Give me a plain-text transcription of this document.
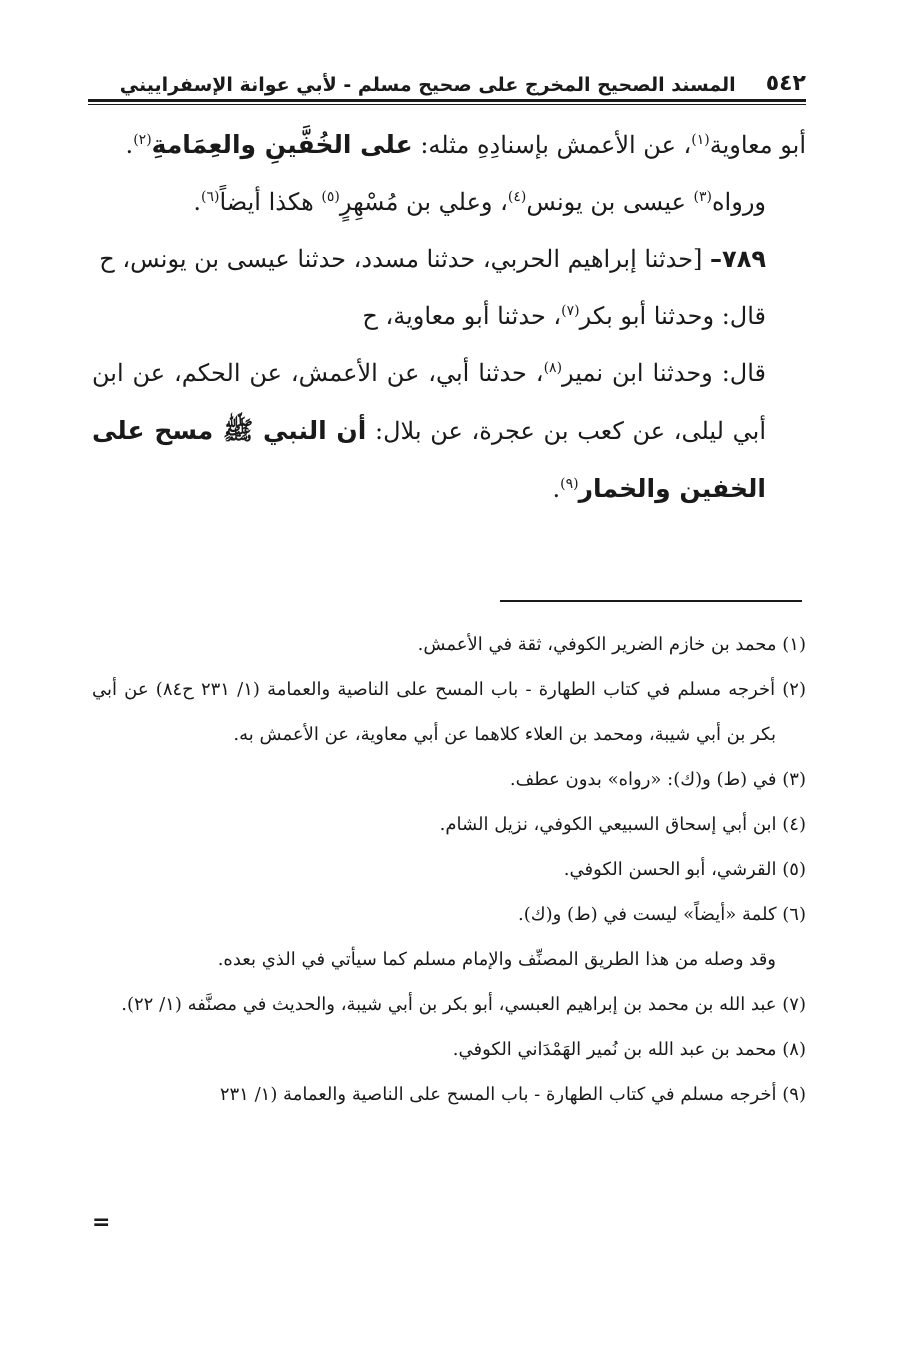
٥٤٢
المسند الصحيح المخرج على صحيح مسلم - لأبي عوانة الإسفراييني

أبو معاوية$^{(١)}$، عن الأعمش بإسنادِهِ مثله: على الخُفَّينِ والعِمَامةِ$^{(٢)}$.

ورواه$^{(٣)}$ عيسى بن يونس$^{(٤)}$، وعلي بن مُسْهِرٍ$^{(٥)}$ هكذا أيضاً$^{(٦)}$.

٧٨٩– [حدثنا إبراهيم الحربي، حدثنا مسدد، حدثنا عيسى بن يونس، ح

قال: وحدثنا أبو بكر$^{(٧)}$، حدثنا أبو معاوية، ح

قال: وحدثنا ابن نمير$^{(٨)}$، حدثنا أبي، عن الأعمش، عن الحكم، عن ابن أبي ليلى، عن كعب بن عجرة، عن بلال: أن النبي ﷺ مسح على الخفين والخمار$^{(٩)}$.

(١) محمد بن خازم الضرير الكوفي، ثقة في الأعمش.

(٢) أخرجه مسلم في كتاب الطهارة - باب المسح على الناصية والعمامة (١/ ٢٣١ ح٨٤) عن أبي بكر بن أبي شيبة، ومحمد بن العلاء كلاهما عن أبي معاوية، عن الأعمش به.

(٣) في (ط) و(ك): «رواه» بدون عطف.

(٤) ابن أبي إسحاق السبيعي الكوفي، نزيل الشام.

(٥) القرشي، أبو الحسن الكوفي.

(٦) كلمة «أيضاً» ليست في (ط) و(ك).

وقد وصله من هذا الطريق المصنِّف والإمام مسلم كما سيأتي في الذي بعده.

(٧) عبد الله بن محمد بن إبراهيم العبسي، أبو بكر بن أبي شيبة، والحديث في مصنَّفه (١/ ٢٢).

(٨) محمد بن عبد الله بن نُمير الهَمْدَاني الكوفي.

(٩) أخرجه مسلم في كتاب الطهارة - باب المسح على الناصية والعمامة (١/ ٢٣١

=
